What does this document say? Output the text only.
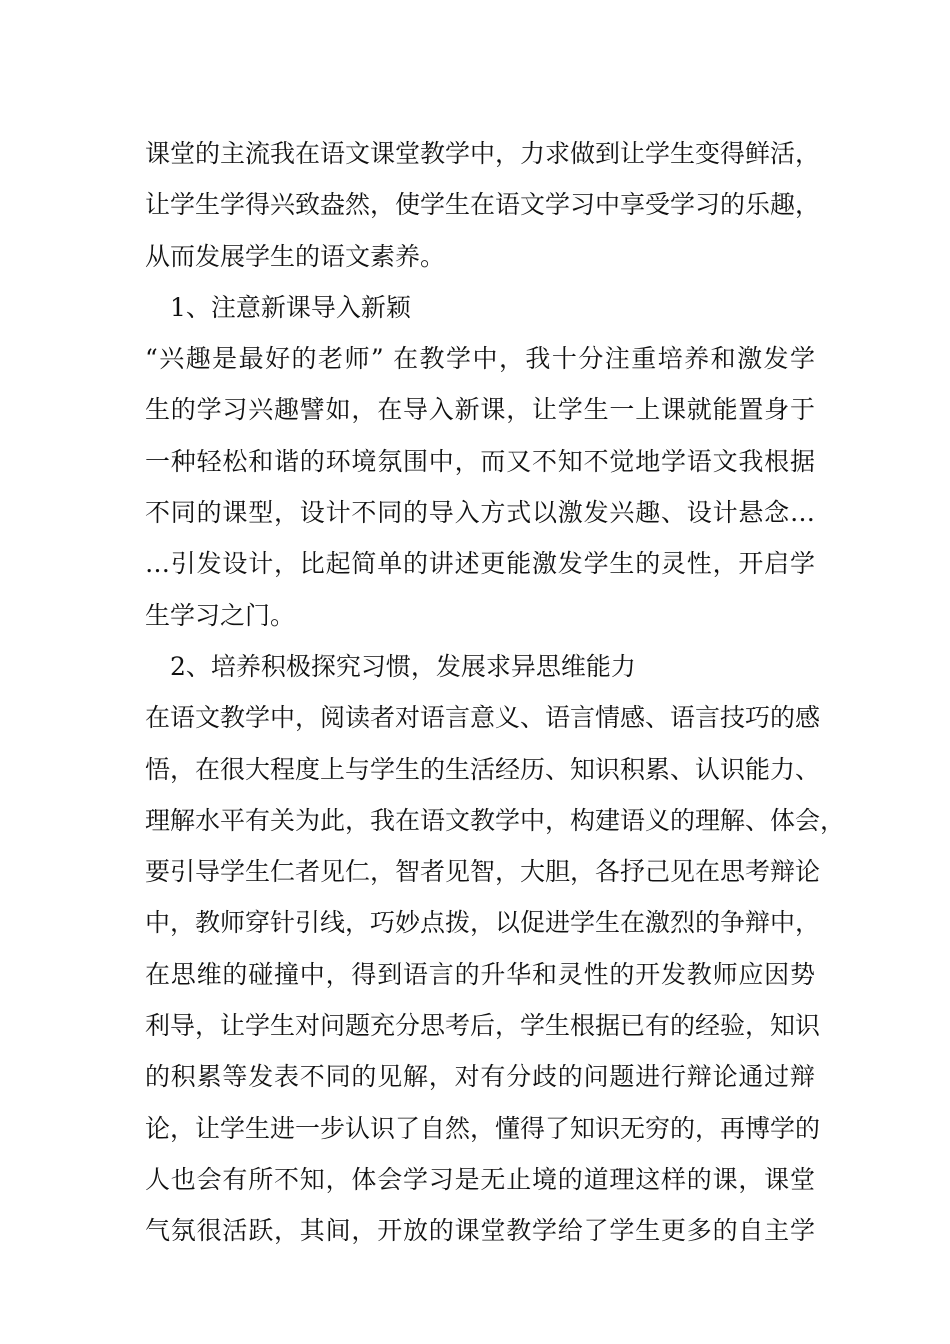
课堂的主流我在语文课堂教学中，力求做到让学生变得鲜活，
让学生学得兴致盎然，使学生在语文学习中享受学习的乐趣，
从而发展学生的语文素养。
1、注意新课导入新颖
“兴趣是最好的老师” 在教学中，我十分注重培养和激发学
生的学习兴趣譬如，在导入新课，让学生一上课就能置身于
一种轻松和谐的环境氛围中，而又不知不觉地学语文我根据
不同的课型，设计不同的导入方式以激发兴趣、设计悬念…
…引发设计，比起简单的讲述更能激发学生的灵性，开启学
生学习之门。
2、培养积极探究习惯，发展求异思维能力
在语文教学中，阅读者对语言意义、语言情感、语言技巧的感
悟，在很大程度上与学生的生活经历、知识积累、认识能力、
理解水平有关为此，我在语文教学中，构建语义的理解、体会，
要引导学生仁者见仁，智者见智，大胆，各抒己见在思考辩论
中，教师穿针引线，巧妙点拨，以促进学生在激烈的争辩中，
在思维的碰撞中，得到语言的升华和灵性的开发教师应因势
利导，让学生对问题充分思考后，学生根据已有的经验，知识
的积累等发表不同的见解，对有分歧的问题进行辩论通过辩
论，让学生进一步认识了自然，懂得了知识无穷的，再博学的
人也会有所不知，体会学习是无止境的道理这样的课，课堂
气氛很活跃，其间，开放的课堂教学给了学生更多的自主学
